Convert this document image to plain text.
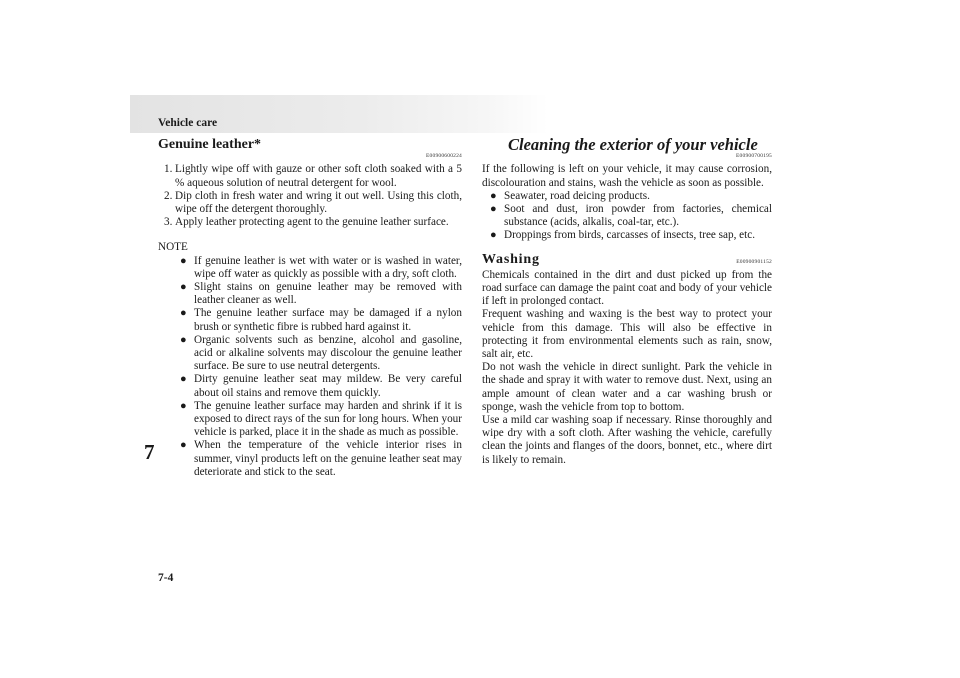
Vehicle care
7
7-4
Genuine leather*
E00900600224
1. Lightly wipe off with gauze or other soft cloth soaked with a 5 % aqueous solution of neutral detergent for wool.
2. Dip cloth in fresh water and wring it out well. Using this cloth, wipe off the detergent thoroughly.
3. Apply leather protecting agent to the genuine leather surface.
NOTE
● If genuine leather is wet with water or is washed in water, wipe off water as quickly as possible with a dry, soft cloth.
● Slight stains on genuine leather may be removed with leather cleaner as well.
● The genuine leather surface may be damaged if a nylon brush or synthetic fibre is rubbed hard against it.
● Organic solvents such as benzine, alcohol and gasoline, acid or alkaline solvents may discolour the genuine leather surface. Be sure to use neutral detergents.
● Dirty genuine leather seat may mildew. Be very careful about oil stains and remove them quickly.
● The genuine leather surface may harden and shrink if it is exposed to direct rays of the sun for long hours. When your vehicle is parked, place it in the shade as much as possible.
● When the temperature of the vehicle interior rises in summer, vinyl products left on the genuine leather seat may deteriorate and stick to the seat.
Cleaning the exterior of your vehicle
E00900700195

If the following is left on your vehicle, it may cause corrosion, discolouration and stains, wash the vehicle as soon as possible.

● Seawater, road deicing products.
● Soot and dust, iron powder from factories, chemical substance (acids, alkalis, coal-tar, etc.).
● Droppings from birds, carcasses of insects, tree sap, etc.
Washing	E00900901152

Chemicals contained in the dirt and dust picked up from the road surface can damage the paint coat and body of your vehicle if left in prolonged contact.

Frequent washing and waxing is the best way to protect your vehicle from this damage. This will also be effective in protecting it from environmental elements such as rain, snow, salt air, etc.

Do not wash the vehicle in direct sunlight. Park the vehicle in the shade and spray it with water to remove dust. Next, using an ample amount of clean water and a car washing brush or sponge, wash the vehicle from top to bottom.

Use a mild car washing soap if necessary. Rinse thoroughly and wipe dry with a soft cloth. After washing the vehicle, carefully clean the joints and flanges of the doors, bonnet, etc., where dirt is likely to remain.
